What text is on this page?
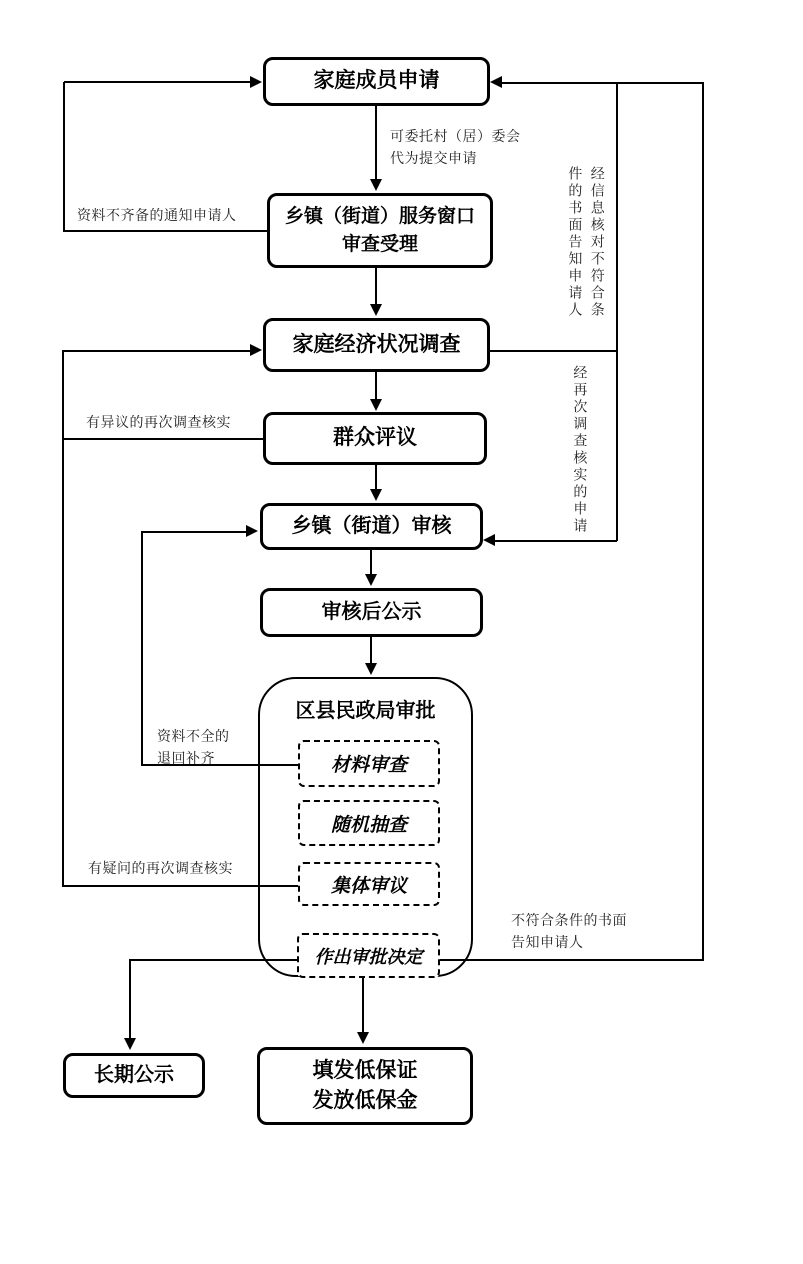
家庭成员申请
乡镇（街道）服务窗口
审查受理
家庭经济状况调查
群众评议
乡镇（街道）审核
审核后公示
区县民政局审批
材料审查
随机抽查
集体审议
作出审批决定
长期公示	填发低保证
发放低保金
可委托村（居）委会
代为提交申请
资料不齐备的通知申请人
有异议的再次调查核实
资料不全的
退回补齐
有疑问的再次调查核实
经信息核对不符合条件的书面告知申请人
经再次调查核实的申请
不符合条件的书面
告知申请人
